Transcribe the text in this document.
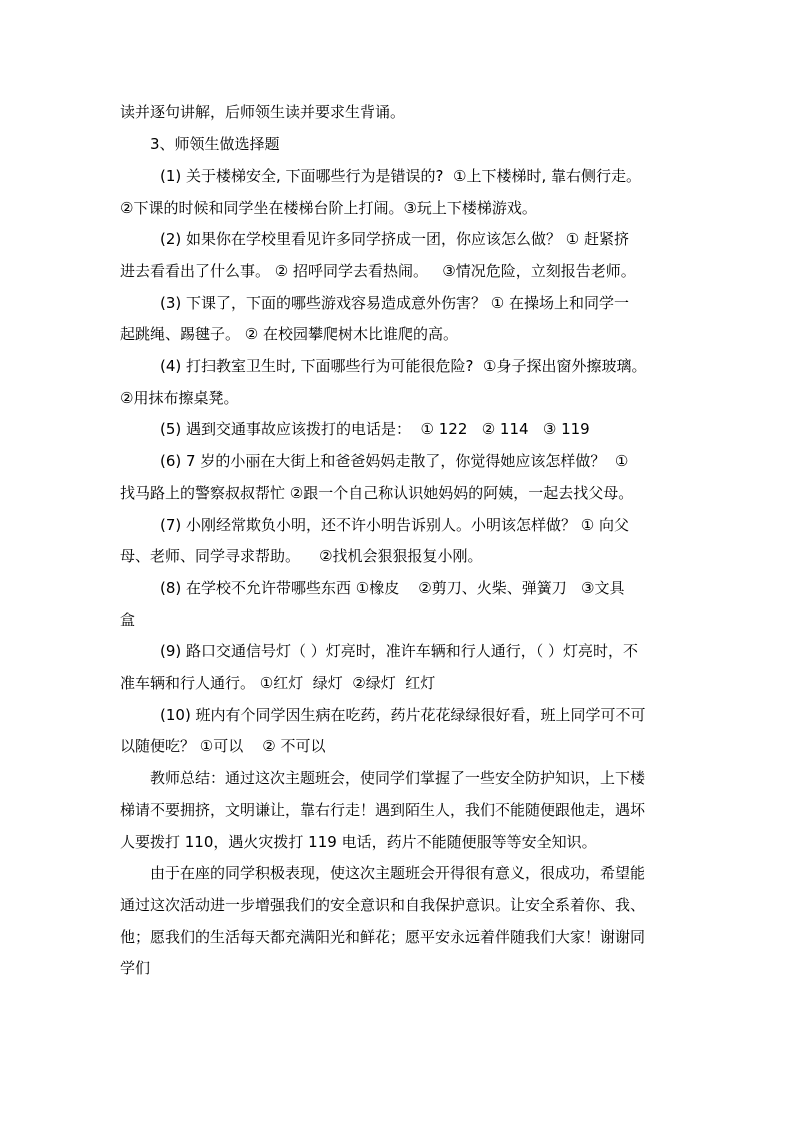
读并逐句讲解，后师领生读并要求生背诵。
3、师领生做选择题
(1) 关于楼梯安全, 下面哪些行为是错误的?  ①上下楼梯时, 靠右侧行走。
②下课的时候和同学坐在楼梯台阶上打闹。③玩上下楼梯游戏。
(2) 如果你在学校里看见许多同学挤成一团，你应该怎么做？ ① 赶紧挤
进去看看出了什么事。 ② 招呼同学去看热闹。   ③情况危险，立刻报告老师。
(3) 下课了，下面的哪些游戏容易造成意外伤害？ ① 在操场上和同学一
起跳绳、踢毽子。 ② 在校园攀爬树木比谁爬的高。
(4) 打扫教室卫生时, 下面哪些行为可能很危险?  ①身子探出窗外擦玻璃。
②用抹布擦桌凳。
(5) 遇到交通事故应该拨打的电话是：  ① 122   ② 114   ③ 119
(6) 7 岁的小丽在大街上和爸爸妈妈走散了，你觉得她应该怎样做？  ①
找马路上的警察叔叔帮忙 ②跟一个自己称认识她妈妈的阿姨，一起去找父母。
(7) 小刚经常欺负小明，还不许小明告诉别人。小明该怎样做？ ① 向父
母、老师、同学寻求帮助。    ②找机会狠狠报复小刚。
(8) 在学校不允许带哪些东西 ①橡皮    ②剪刀、火柴、弹簧刀   ③文具
盒
(9) 路口交通信号灯（ ）灯亮时，准许车辆和行人通行，（ ）灯亮时，不
准车辆和行人通行。 ①红灯  绿灯  ②绿灯  红灯
(10) 班内有个同学因生病在吃药，药片花花绿绿很好看，班上同学可不可
以随便吃？ ①可以    ② 不可以
教师总结：通过这次主题班会，使同学们掌握了一些安全防护知识，上下楼
梯请不要拥挤，文明谦让，靠右行走！遇到陌生人，我们不能随便跟他走，遇坏
人要拨打 110，遇火灾拨打 119 电话，药片不能随便服等等安全知识。
由于在座的同学积极表现，使这次主题班会开得很有意义，很成功，希望能
通过这次活动进一步增强我们的安全意识和自我保护意识。让安全系着你、我、
他；愿我们的生活每天都充满阳光和鲜花；愿平安永远着伴随我们大家！谢谢同
学们
